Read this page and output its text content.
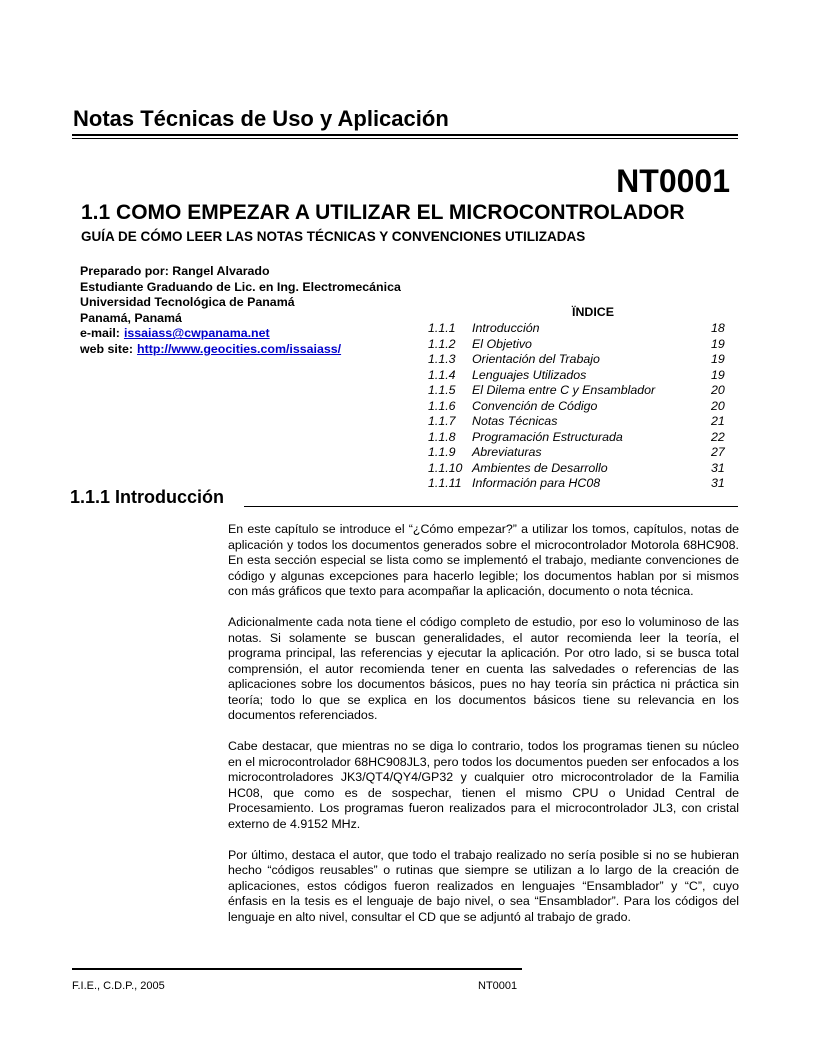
Notas Técnicas de Uso y Aplicación
NT0001
1.1 COMO EMPEZAR A UTILIZAR EL MICROCONTROLADOR
GUÍA DE CÓMO LEER LAS NOTAS TÉCNICAS Y CONVENCIONES UTILIZADAS
Preparado por: Rangel Alvarado
Estudiante Graduando de Lic. en Ing. Electromecánica
Universidad Tecnológica de Panamá
Panamá, Panamá
e-mail: issaiass@cwpanama.net
web site: http://www.geocities.com/issaiass/
ÏNDICE
1.1.1 Introducción	18
1.1.2 El Objetivo	19
1.1.3 Orientación del Trabajo	19
1.1.4 Lenguajes Utilizados	19
1.1.5 El Dilema entre C y Ensamblador	20
1.1.6 Convención de Código	20
1.1.7 Notas Técnicas	21
1.1.8 Programación Estructurada	22
1.1.9 Abreviaturas	27
1.1.10 Ambientes de Desarrollo	31
1.1.11 Información para HC08	31
1.1.1 Introducción

En este capítulo se introduce el “¿Cómo empezar?” a utilizar los tomos, capítulos, notas de aplicación y todos los documentos generados sobre el microcontrolador Motorola 68HC908. En esta sección especial se lista como se implementó el trabajo, mediante convenciones de código y algunas excepciones para hacerlo legible; los documentos hablan por si mismos con más gráficos que texto para acompañar la aplicación, documento o nota técnica.

Adicionalmente cada nota tiene el código completo de estudio, por eso lo voluminoso de las notas. Si solamente se buscan generalidades, el autor recomienda leer la teoría, el programa principal, las referencias y ejecutar la aplicación. Por otro lado, si se busca total comprensión, el autor recomienda tener en cuenta las salvedades o referencias de las aplicaciones sobre los documentos básicos, pues no hay teoría sin práctica ni práctica sin teoría; todo lo que se explica en los documentos básicos tiene su relevancia en los documentos referenciados.

Cabe destacar, que mientras no se diga lo contrario, todos los programas tienen su núcleo en el microcontrolador 68HC908JL3, pero todos los documentos pueden ser enfocados a los microcontroladores JK3/QT4/QY4/GP32 y cualquier otro microcontrolador de la Familia HC08, que como es de sospechar, tienen el mismo CPU o Unidad Central de Procesamiento. Los programas fueron realizados para el microcontrolador JL3, con cristal externo de 4.9152 MHz.

Por último, destaca el autor, que todo el trabajo realizado no sería posible si no se hubieran hecho “códigos reusables” o rutinas que siempre se utilizan a lo largo de la creación de aplicaciones, estos códigos fueron realizados en lenguajes “Ensamblador” y “C”, cuyo énfasis en la tesis es el lenguaje de bajo nivel, o sea “Ensamblador”. Para los códigos del lenguaje en alto nivel, consultar el CD que se adjuntó al trabajo de grado.

F.I.E., C.D.P., 2005	NT0001
